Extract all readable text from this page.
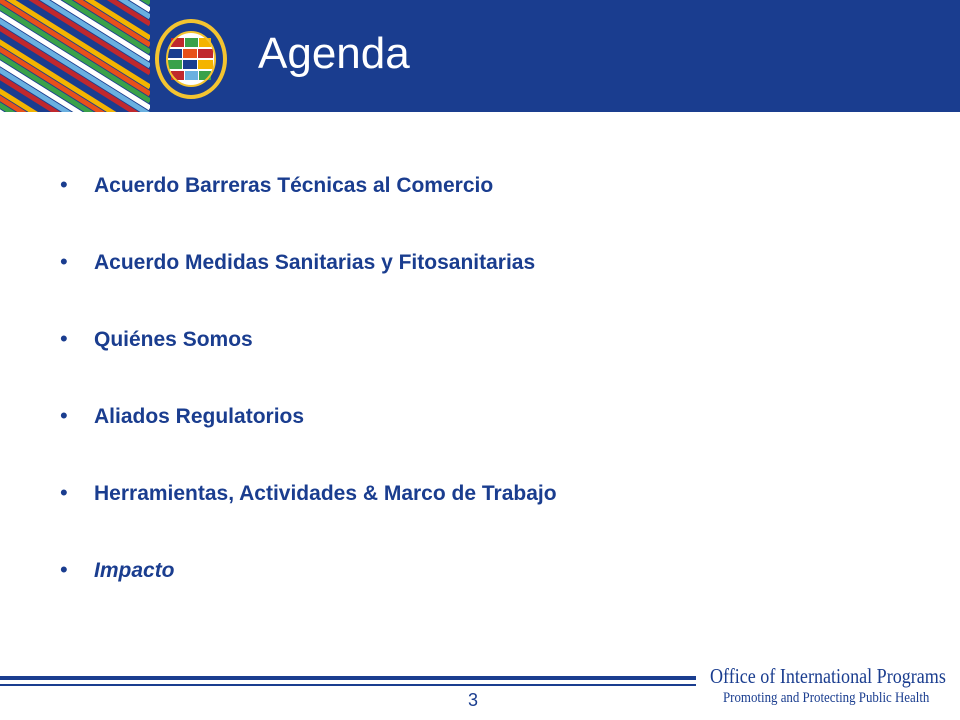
Agenda
• Acuerdo Barreras Técnicas al Comercio
• Acuerdo Medidas Sanitarias y Fitosanitarias
• Quiénes Somos
• Aliados Regulatorios
• Herramientas, Actividades & Marco de Trabajo
• Impacto
3
Office of International Programs
Promoting and Protecting Public Health
